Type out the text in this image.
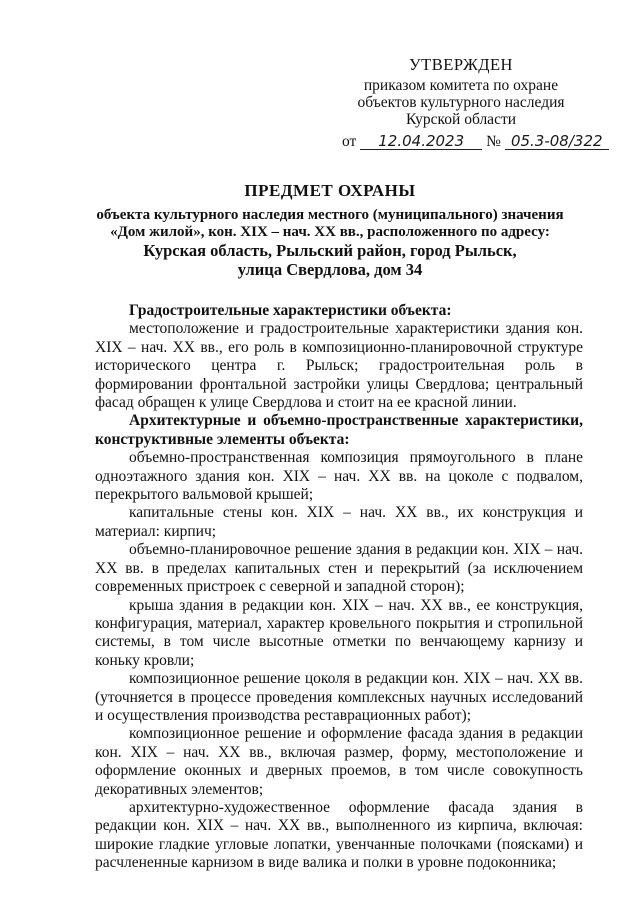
УТВЕРЖДЕН
приказом комитета по охране
объектов культурного наследия
Курской области
от 12.04.2023 № 05.3-08/322
ПРЕДМЕТ ОХРАНЫ
объекта культурного наследия местного (муниципального) значения
«Дом жилой», кон. XIX – нач. XX вв., расположенного по адресу:
Курская область, Рыльский район, город Рыльск,
улица Свердлова, дом 34

Градостроительные характеристики объекта:

местоположение и градостроительные характеристики здания кон. XIX – нач. XX вв., его роль в композиционно-планировочной структуре исторического центра г. Рыльск; градостроительная роль в формировании фронтальной застройки улицы Свердлова; центральный фасад обращен к улице Свердлова и стоит на ее красной линии.

Архитектурные и объемно-пространственные характеристики, конструктивные элементы объекта:

объемно-пространственная композиция прямоугольного в плане одноэтажного здания кон. XIX – нач. XX вв. на цоколе с подвалом, перекрытого вальмовой крышей;

капитальные стены кон. XIX – нач. XX вв., их конструкция и материал: кирпич;

объемно-планировочное решение здания в редакции кон. XIX – нач. XX вв. в пределах капитальных стен и перекрытий (за исключением современных пристроек с северной и западной сторон);

крыша здания в редакции кон. XIX – нач. XX вв., ее конструкция, конфигурация, материал, характер кровельного покрытия и стропильной системы, в том числе высотные отметки по венчающему карнизу и коньку кровли;

композиционное решение цоколя в редакции кон. XIX – нач. XX вв. (уточняется в процессе проведения комплексных научных исследований и осуществления производства реставрационных работ);

композиционное решение и оформление фасада здания в редакции кон. XIX – нач. XX вв., включая размер, форму, местоположение и оформление оконных и дверных проемов, в том числе совокупность декоративных элементов;

архитектурно-художественное оформление фасада здания в редакции кон. XIX – нач. XX вв., выполненного из кирпича, включая: широкие гладкие угловые лопатки, увенчанные полочками (поясками) и расчлененные карнизом в виде валика и полки в уровне подоконника;
